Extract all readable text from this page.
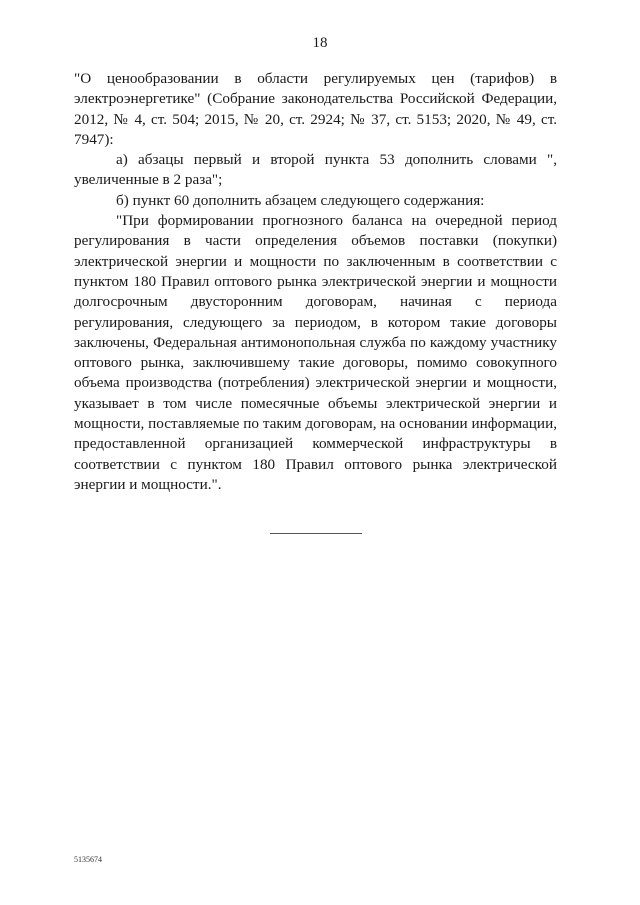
18

"О ценообразовании в области регулируемых цен (тарифов) в электроэнергетике" (Собрание законодательства Российской Федерации, 2012, № 4, ст. 504; 2015, № 20, ст. 2924; № 37, ст. 5153; 2020, № 49, ст. 7947):

а) абзацы первый и второй пункта 53 дополнить словами ", увеличенные в 2 раза";

б) пункт 60 дополнить абзацем следующего содержания:

"При формировании прогнозного баланса на очередной период регулирования в части определения объемов поставки (покупки) электрической энергии и мощности по заключенным в соответствии с пунктом 180 Правил оптового рынка электрической энергии и мощности долгосрочным двусторонним договорам, начиная с периода регулирования, следующего за периодом, в котором такие договоры заключены, Федеральная антимонопольная служба по каждому участнику оптового рынка, заключившему такие договоры, помимо совокупного объема производства (потребления) электрической энергии и мощности, указывает в том числе помесячные объемы электрической энергии и мощности, поставляемые по таким договорам, на основании информации, предоставленной организацией коммерческой инфраструктуры в соответствии с пунктом 180 Правил оптового рынка электрической энергии и мощности.".

5135674
